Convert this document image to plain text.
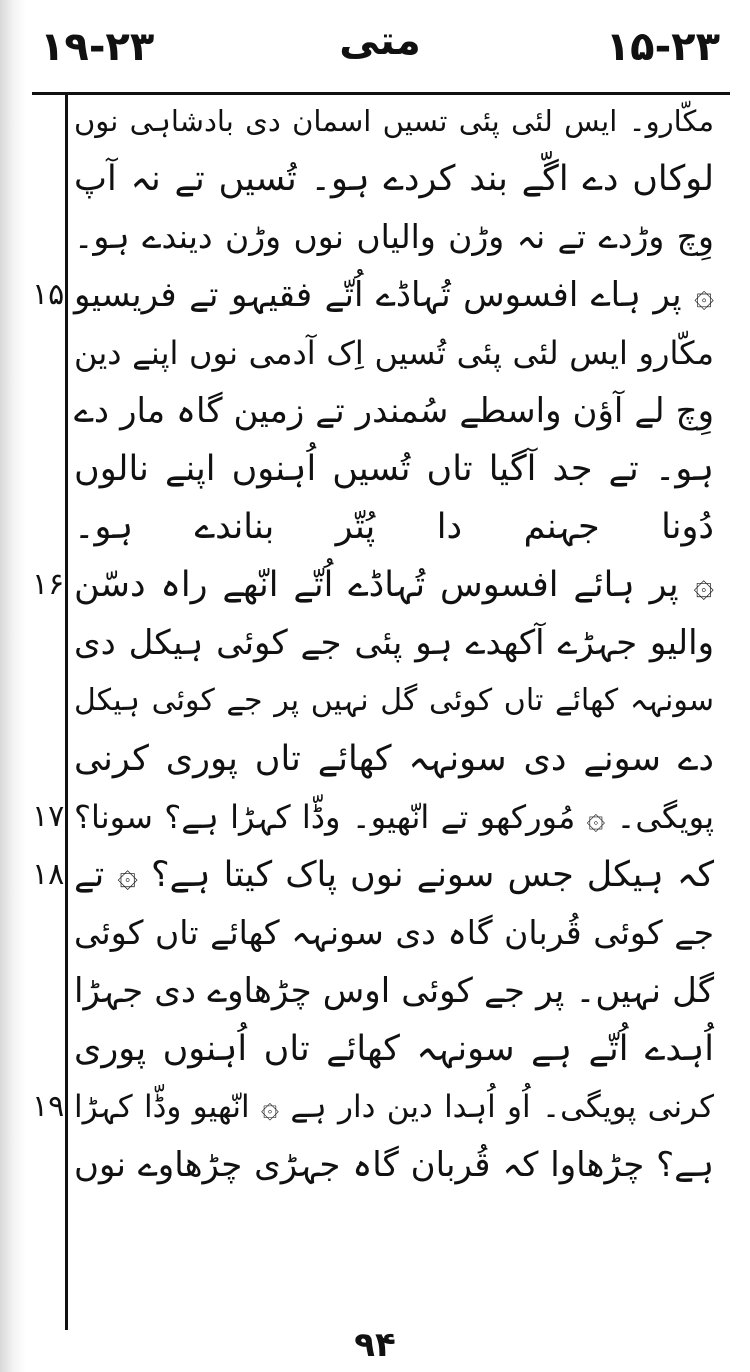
۱۹-۲۳	متی	۱۵-۲۳
مکّارو۔ ایس لئی پئی تسیں اسمان دی بادشاہی نوں
لوکاں دے اگّے بند کردے ہو۔ تُسیں تے نہ آپ
وِچ وڑدے تے نہ وڑن والیاں نوں وڑن دیندے ہو۔
۞ پر ہاے افسوس تُہاڈے اُتّے فقیہو تے فریسیو
۱۵
مکّارو ایس لئی پئی تُسیں اِک آدمی نوں اپنے دین
وِچ لے آؤن واسطے سُمندر تے زمین گاہ مار دے
ہو۔ تے جد آگیا تاں تُسیں اُہنوں اپنے نالوں
دُونا جہنم دا پُتّر بناندے ہو۔
۞ پر ہائے افسوس تُہاڈے اُتّے انّھے راہ دسّن
۱۶
والیو جہڑے آکھدے ہو پئی جے کوئی ہیکل دی
سونہہ کھائے تاں کوئی گل نہیں پر جے کوئی ہیکل
دے سونے دی سونہہ کھائے تاں پوری کرنی
پویگی۔ ۞ مُورکھو تے انّھیو۔ وڈّا کہڑا ہے؟ سونا؟
۱۷
کہ ہیکل جس سونے نوں پاک کیتا ہے؟ ۞ تے
۱۸
جے کوئی قُربان گاہ دی سونہہ کھائے تاں کوئی
گل نہیں۔ پر جے کوئی اوس چڑھاوے دی جہڑا
اُہدے اُتّے ہے سونہہ کھائے تاں اُہنوں پوری
کرنی پویگی۔ اُو اُہدا دین دار ہے ۞ انّھیو وڈّا کہڑا
۱۹
ہے؟ چڑھاوا کہ قُربان گاہ جہڑی چڑھاوے نوں
۹۴
